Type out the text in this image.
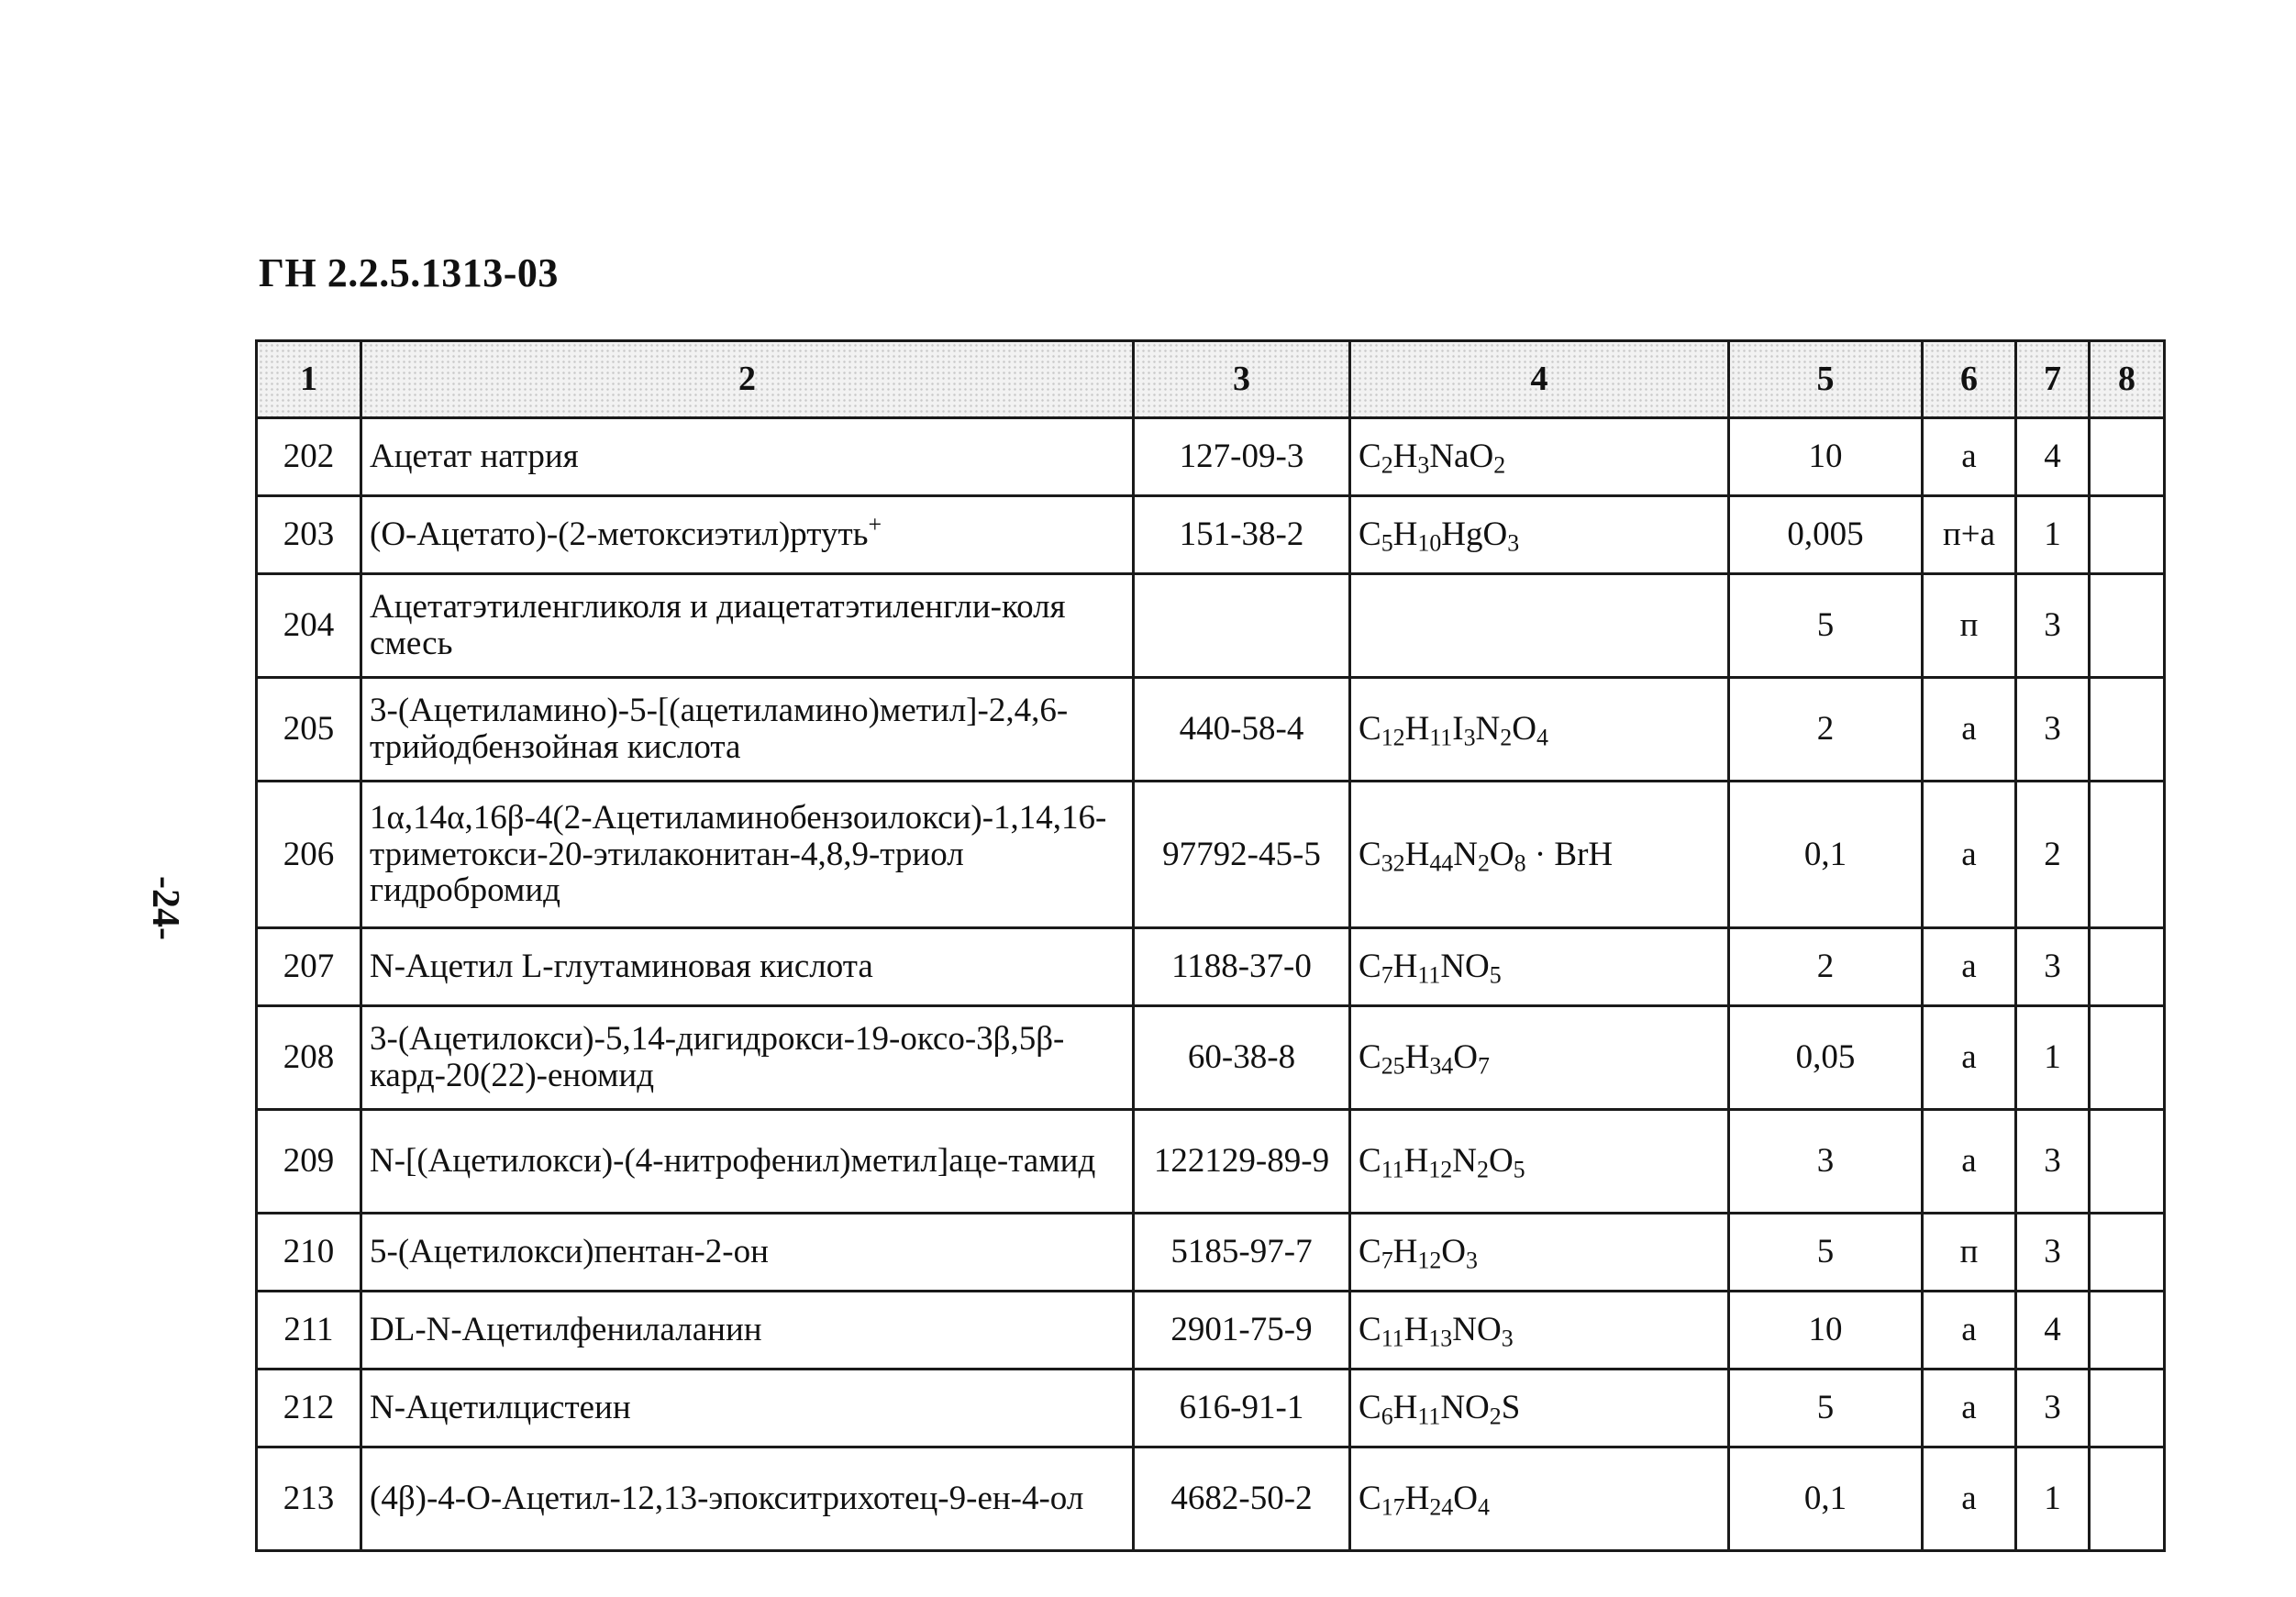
ГН 2.2.5.1313-03
-24-
1	2	3	4	5	6	7	8
202	Ацетат натрия	127-09-3	$C_2H_3NaO_2$	10	а	4	
203	(O-Ацетато)-(2-метоксиэтил)ртуть+	151-38-2	$C_5H_{10}HgO_3$	0,005	п+а	1	
204	Ацетатэтиленгликоля и диацетатэтиленгли-коля смесь			5	п	3	
205	3-(Ацетиламино)-5-[(ацетиламино)метил]-2,4,6-трийодбензойная кислота	440-58-4	$C_{12}H_{11}I_3N_2O_4$	2	а	3	
206	1α,14α,16β-4(2-Ацетиламинобензоилокси)-1,14,16-триметокси-20-этилаконитан-4,8,9-триол гидробромид	97792-45-5	$C_{32}H_{44}N_2O_8$ · BrH	0,1	а	2	
207	N-Ацетил L-глутаминовая кислота	1188-37-0	$C_7H_{11}NO_5$	2	а	3	
208	3-(Ацетилокси)-5,14-дигидрокси-19-оксо-3β,5β-кард-20(22)-еномид	60-38-8	$C_{25}H_{34}O_7$	0,05	а	1	
209	N-[(Ацетилокси)-(4-нитрофенил)метил]аце-тамид	122129-89-9	$C_{11}H_{12}N_2O_5$	3	а	3	
210	5-(Ацетилокси)пентан-2-он	5185-97-7	$C_7H_{12}O_3$	5	п	3	
211	DL-N-Ацетилфенилаланин	2901-75-9	$C_{11}H_{13}NO_3$	10	а	4	
212	N-Ацетилцистеин	616-91-1	$C_6H_{11}NO_2S$	5	а	3	
213	(4β)-4-O-Ацетил-12,13-эпокситрихотец-9-ен-4-ол	4682-50-2	$C_{17}H_{24}O_4$	0,1	а	1	
